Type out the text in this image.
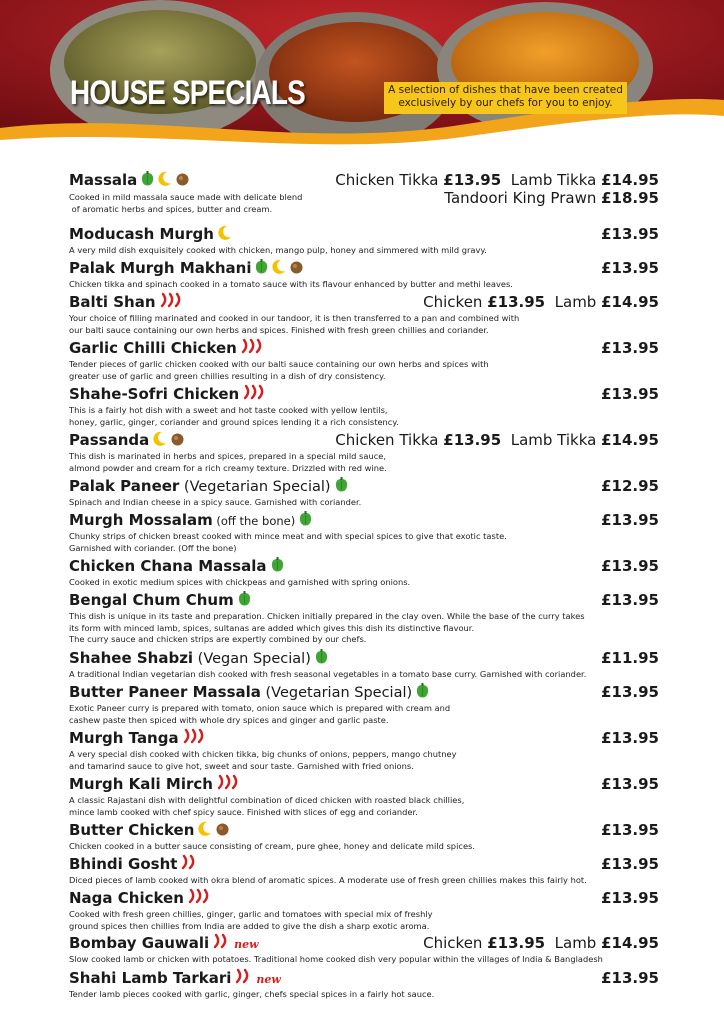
HOUSE SPECIALS	A selection of dishes that have been created exclusively by our chefs for you to enjoy.
Massala	Chicken Tikka £13.95  Lamb Tikka £14.95
Tandoori King Prawn £18.95
Cooked in mild massala sauce made with delicate blend
of aromatic herbs and spices, butter and cream.
Moducash Murgh	£13.95
A very mild dish exquisitely cooked with chicken, mango pulp, honey and simmered with mild gravy.
Palak Murgh Makhani	£13.95
Chicken tikka and spinach cooked in a tomato sauce with its flavour enhanced by butter and methi leaves.
Balti Shan	Chicken £13.95  Lamb £14.95
Your choice of filling marinated and cooked in our tandoor, it is then transferred to a pan and combined with
our balti sauce containing our own herbs and spices. Finished with fresh green chillies and coriander.
Garlic Chilli Chicken	£13.95
Tender pieces of garlic chicken cooked with our balti sauce containing our own herbs and spices with
greater use of garlic and green chillies resulting in a dish of dry consistency.
Shahe-Sofri Chicken	£13.95
This is a fairly hot dish with a sweet and hot taste cooked with yellow lentils,
honey, garlic, ginger, coriander and ground spices lending it a rich consistency.
Passanda	Chicken Tikka £13.95  Lamb Tikka £14.95
This dish is marinated in herbs and spices, prepared in a special mild sauce,
almond powder and cream for a rich creamy texture. Drizzled with red wine.
Palak Paneer (Vegetarian Special)	£12.95
Spinach and Indian cheese in a spicy sauce. Garnished with coriander.
Murgh Mossalam (off the bone)	£13.95
Chunky strips of chicken breast cooked with mince meat and with special spices to give that exotic taste.
Garnished with coriander. (Off the bone)
Chicken Chana Massala	£13.95
Cooked in exotic medium spices with chickpeas and garnished with spring onions.
Bengal Chum Chum	£13.95
This dish is unique in its taste and preparation. Chicken initially prepared in the clay oven. While the base of the curry takes
its form with minced lamb, spices, sultanas are added which gives this dish its distinctive flavour.
The curry sauce and chicken strips are expertly combined by our chefs.
Shahee Shabzi (Vegan Special)	£11.95
A traditional Indian vegetarian dish cooked with fresh seasonal vegetables in a tomato base curry. Garnished with coriander.
Butter Paneer Massala (Vegetarian Special)	£13.95
Exotic Paneer curry is prepared with tomato, onion sauce which is prepared with cream and
cashew paste then spiced with whole dry spices and ginger and garlic paste.
Murgh Tanga	£13.95
A very special dish cooked with chicken tikka, big chunks of onions, peppers, mango chutney
and tamarind sauce to give hot, sweet and sour taste. Garnished with fried onions.
Murgh Kali Mirch	£13.95
A classic Rajastani dish with delightful combination of diced chicken with roasted black chillies,
mince lamb cooked with chef spicy sauce. Finished with slices of egg and coriander.
Butter Chicken	£13.95
Chicken cooked in a butter sauce consisting of cream, pure ghee, honey and delicate mild spices.
Bhindi Gosht	£13.95
Diced pieces of lamb cooked with okra blend of aromatic spices. A moderate use of fresh green chillies makes this fairly hot.
Naga Chicken	£13.95
Cooked with fresh green chillies, ginger, garlic and tomatoes with special mix of freshly
ground spices then chillies from India are added to give the dish a sharp exotic aroma.
Bombay Gauwali new	Chicken £13.95  Lamb £14.95
Slow cooked lamb or chicken with potatoes. Traditional home cooked dish very popular within the villages of India & Bangladesh
Shahi Lamb Tarkari new	£13.95
Tender lamb pieces cooked with garlic, ginger, chefs special spices in a fairly hot sauce.
